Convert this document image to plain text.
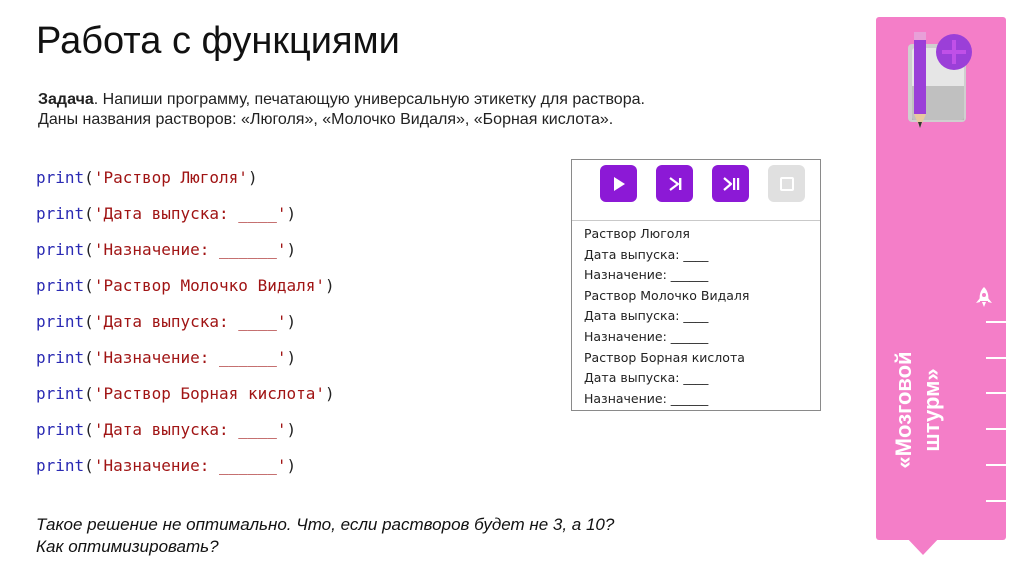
Работа с функциями
Задача. Напиши программу, печатающую универсальную этикетку для раствора.
Даны названия растворов: «Люголя», «Молочко Видаля», «Борная кислота».
print('Раствор Люголя')
print('Дата выпуска: ____')
print('Назначение: ______')
print('Раствор Молочко Видаля')
print('Дата выпуска: ____')
print('Назначение: ______')
print('Раствор Борная кислота')
print('Дата выпуска: ____')
print('Назначение: ______')
Раствор Люголя
Дата выпуска: ____
Назначение: ______
Раствор Молочко Видаля
Дата выпуска: ____
Назначение: ______
Раствор Борная кислота
Дата выпуска: ____
Назначение: ______
Такое решение не оптимально. Что, если растворов будет не 3, а 10?
Как оптимизировать?
«Мозговой штурм»
